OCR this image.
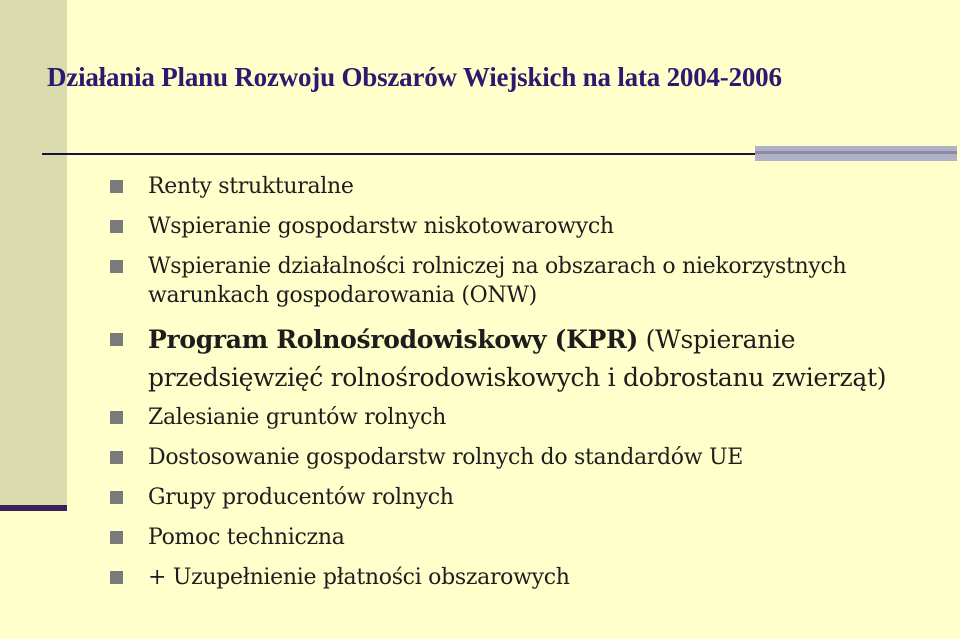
Działania Planu Rozwoju Obszarów Wiejskich na lata 2004-2006
Renty strukturalne
Wspieranie gospodarstw niskotowarowych
Wspieranie działalności rolniczej na obszarach o niekorzystnych warunkach gospodarowania (ONW)
Program Rolnośrodowiskowy (KPR) (Wspieranie przedsięwzięć rolnośrodowiskowych i dobrostanu zwierząt)
Zalesianie gruntów rolnych
Dostosowanie gospodarstw rolnych do standardów UE
Grupy producentów rolnych
Pomoc techniczna
+ Uzupełnienie płatności obszarowych
